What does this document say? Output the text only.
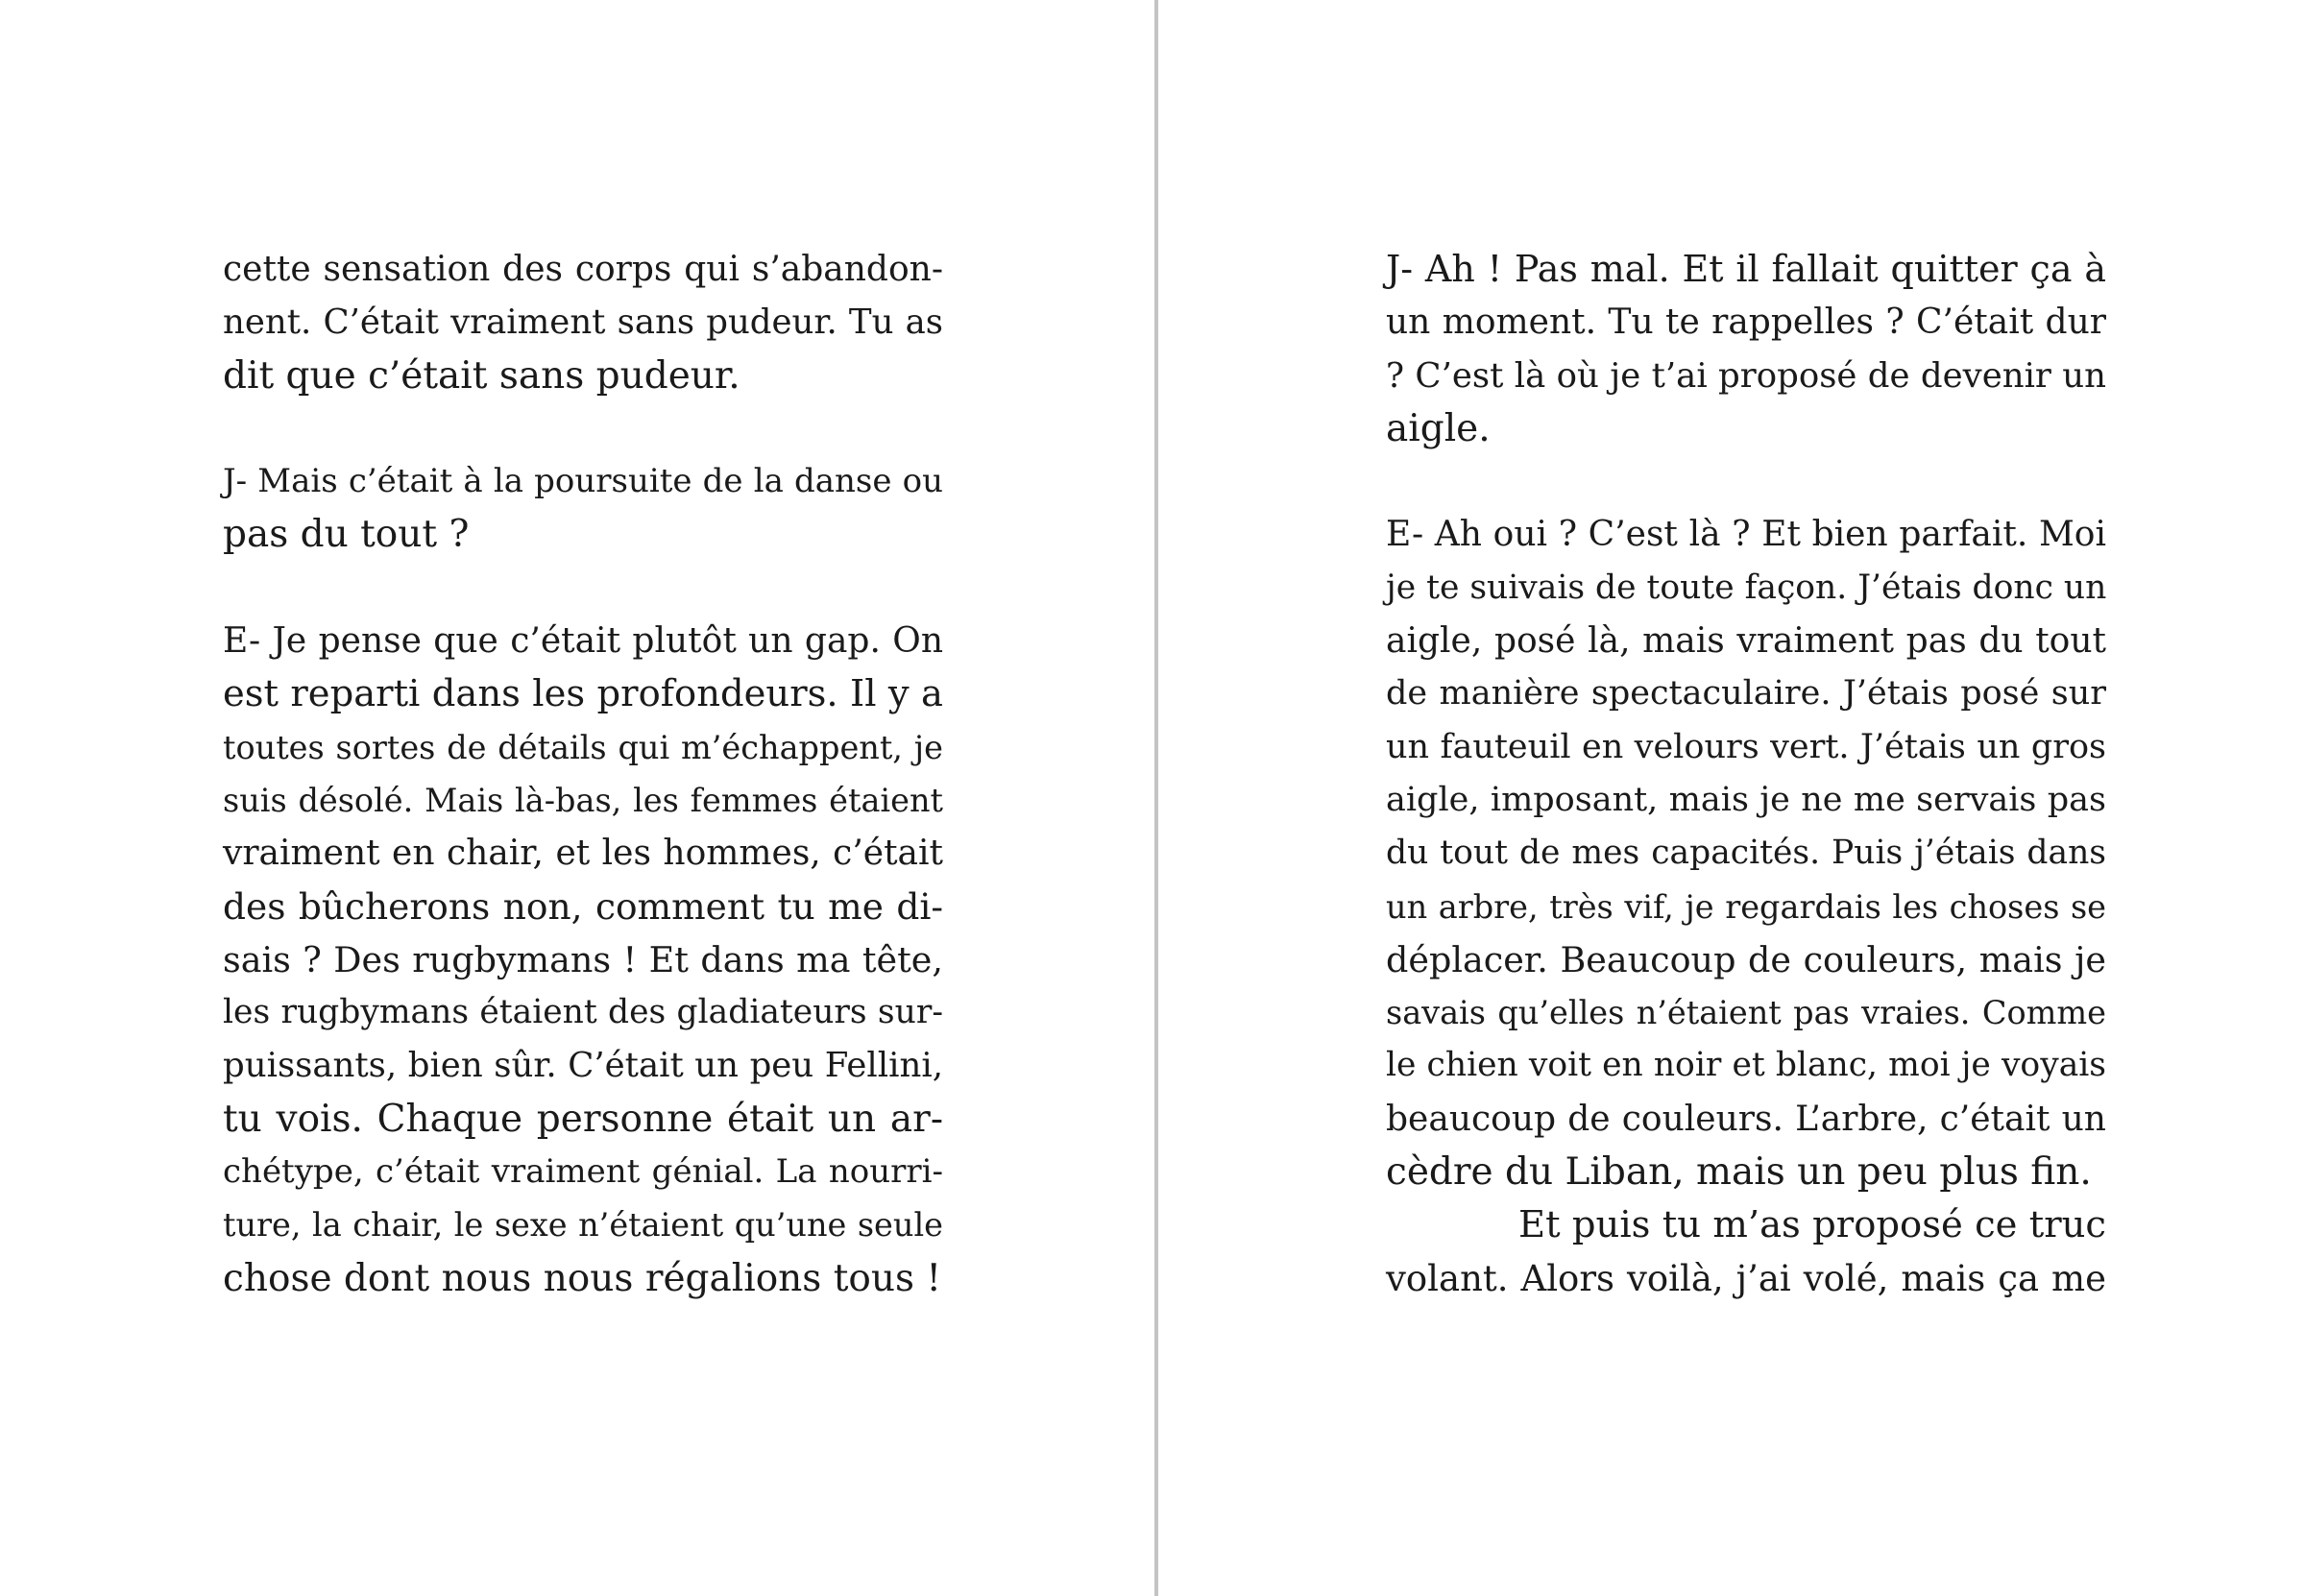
cette sensation des corps qui s’abandon-
nent. C’était vraiment sans pudeur. Tu as
dit que c’était sans pudeur.
J- Mais c’était à la poursuite de la danse ou
pas du tout ?
E- Je pense que c’était plutôt un gap. On
est reparti dans les profondeurs. Il y a
toutes sortes de détails qui m’échappent, je
suis désolé. Mais là-bas, les femmes étaient
vraiment en chair, et les hommes, c’était
des bûcherons non, comment tu me di-
sais ? Des rugbymans ! Et dans ma tête,
les rugbymans étaient des gladiateurs sur-
puissants, bien sûr. C’était un peu Fellini,
tu vois. Chaque personne était un ar-
chétype, c’était vraiment génial. La nourri-
ture, la chair, le sexe n’étaient qu’une seule
chose dont nous nous régalions tous !
J- Ah ! Pas mal. Et il fallait quitter ça à
un moment. Tu te rappelles ? C’était dur
? C’est là où je t’ai proposé de devenir un
aigle.
E- Ah oui ? C’est là ? Et bien parfait. Moi
je te suivais de toute façon. J’étais donc un
aigle, posé là, mais vraiment pas du tout
de manière spectaculaire. J’étais posé sur
un fauteuil en velours vert. J’étais un gros
aigle, imposant, mais je ne me servais pas
du tout de mes capacités. Puis j’étais dans
un arbre, très vif, je regardais les choses se
déplacer. Beaucoup de couleurs, mais je
savais qu’elles n’étaient pas vraies. Comme
le chien voit en noir et blanc, moi je voyais
beaucoup de couleurs. L’arbre, c’était un
cèdre du Liban, mais un peu plus fin.
Et puis tu m’as proposé ce truc
volant. Alors voilà, j’ai volé, mais ça me
